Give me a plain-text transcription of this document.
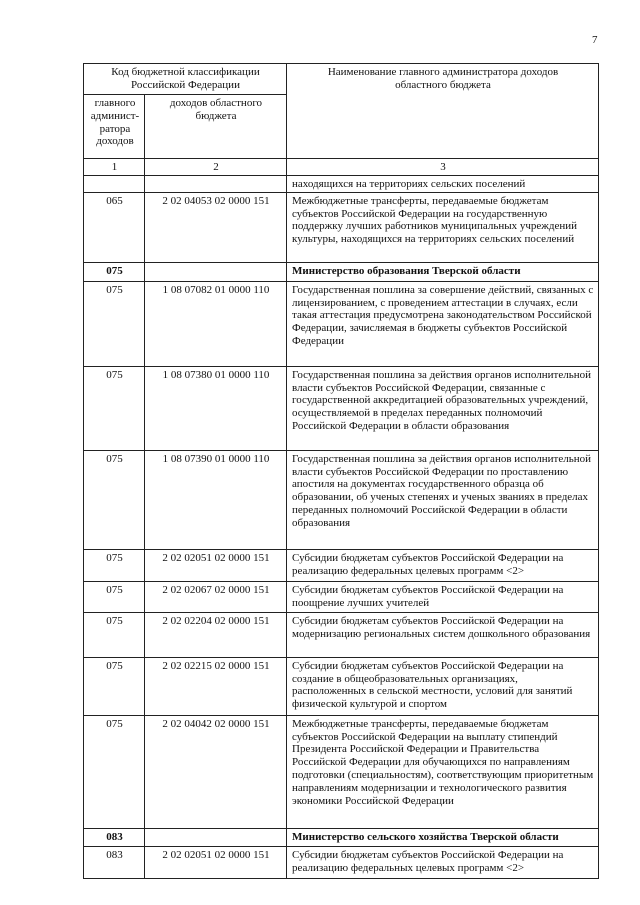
7
Код бюджетной классификации Российской Федерации		Наименование главного администратора доходов областного бюджета

главного админист-ратора доходов	доходов областного бюджета	

1	2	3
		находящихся на территориях сельских поселений
065	2 02 04053 02 0000 151	Межбюджетные трансферты, передаваемые бюджетам субъектов Российской Федерации на государственную поддержку лучших работников муниципальных учреждений культуры, находящихся на территориях сельских поселений
075		Министерство образования Тверской области
075	1 08 07082 01 0000 110	Государственная пошлина за совершение действий, связанных с лицензированием, с проведением аттестации в случаях, если такая аттестация предусмотрена законодательством Российской Федерации, зачисляемая в бюджеты субъектов Российской Федерации
075	1 08 07380 01 0000 110	Государственная пошлина за действия органов исполнительной власти субъектов Российской Федерации, связанные с государственной аккредитацией образовательных учреждений, осуществляемой в пределах переданных полномочий Российской Федерации в области образования
075	1 08 07390 01 0000 110	Государственная пошлина за действия органов исполнительной власти субъектов Российской Федерации по проставлению апостиля на документах государственного образца об образовании, об ученых степенях и ученых званиях в пределах переданных полномочий Российской Федерации в области образования
075	2 02 02051 02 0000 151	Субсидии бюджетам субъектов Российской Федерации на реализацию федеральных целевых программ <2>
075	2 02 02067 02 0000 151	Субсидии бюджетам субъектов Российской Федерации на поощрение лучших учителей
075	2 02 02204 02 0000 151	Субсидии бюджетам субъектов Российской Федерации на модернизацию региональных систем дошкольного образования
075	2 02 02215 02 0000 151	Субсидии бюджетам субъектов Российской Федерации на создание в общеобразовательных организациях, расположенных в сельской местности, условий для занятий физической культурой и спортом
075	2 02 04042 02 0000 151	Межбюджетные трансферты, передаваемые бюджетам субъектов Российской Федерации на выплату стипендий Президента Российской Федерации и Правительства Российской Федерации для обучающихся по направлениям подготовки (специальностям), соответствующим приоритетным направлениям модернизации и технологического развития экономики Российской Федерации
083		Министерство сельского хозяйства Тверской области
083	2 02 02051 02 0000 151	Субсидии бюджетам субъектов Российской Федерации на реализацию федеральных целевых программ <2>
